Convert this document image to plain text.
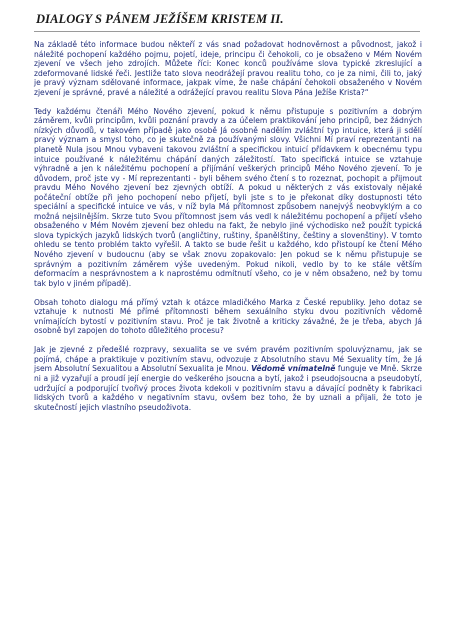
DIALOGY S PÁNEM JEŽÍŠEM KRISTEM II.

Na základě této informace budou někteří z vás snad požadovat hodnověrnost a původnost, jakož i náležité pochopení každého pojmu, pojetí, ideje, principu či čehokoli, co je obsaženo v Mém Novém zjevení ve všech jeho zdrojích. Můžete říci: Konec konců používáme slova typické zkreslující a zdeformované lidské řeči. Jestliže tato slova neodrážejí pravou realitu toho, co je za nimi, čili to, jaký je pravý význam sdělované informace, jakpak víme, že naše chápání čehokoli obsaženého v Novém zjevení je správné, pravé a náležité a odrážející pravou realitu Slova Pána Ježíše Krista?“

Tedy každému čtenáři Mého Nového zjevení, pokud k němu přistupuje s pozitivním a dobrým záměrem, kvůli principům, kvůli poznání pravdy a za účelem praktikování jeho principů, bez žádných nízkých důvodů, v takovém případě jako osobě Já osobně nadělím zvláštní typ intuice, která ji sdělí pravý význam a smysl toho, co je skutečně za používanými slovy. Všichni Mí praví reprezentanti na planetě Nula jsou Mnou vybaveni takovou zvláštní a specifickou intuicí přídavkem k obecnému typu intuice používané k náležitému chápání daných záležitostí. Tato specifická intuice se vztahuje výhradně a jen k náležitému pochopení a přijímání veškerých principů Mého Nového zjevení. To je důvodem, proč jste vy - Mí reprezentanti - byli během svého čtení s to rozeznat, pochopit a přijmout pravdu Mého Nového zjevení bez zjevných obtíží. A pokud u některých z vás existovaly nějaké počáteční obtíže při jeho pochopení nebo přijetí, byli jste s to je překonat díky dostupnosti této speciální a specifické intuice ve vás, v níž byla Má přítomnost způsobem nanejvýš neobvyklým a co možná nejsilnějším. Skrze tuto Svou přítomnost jsem vás vedl k náležitému pochopení a přijetí všeho obsaženého v Mém Novém zjevení bez ohledu na fakt, že nebylo jiné východisko než použít typická slova typických jazyků lidských tvorů (angličtiny, ruštiny, španělštiny, češtiny a slovenštiny). V tomto ohledu se tento problém takto vyřešil. A takto se bude řešit u každého, kdo přistoupí ke čtení Mého Nového zjevení v budoucnu (aby se však znovu zopakovalo: Jen pokud se k němu přistupuje se správným a pozitivním záměrem výše uvedeným. Pokud nikoli, vedlo by to ke stále větším deformacím a nesprávnostem a k naprostému odmítnutí všeho, co je v něm obsaženo, než by tomu tak bylo v jiném případě).

Obsah tohoto dialogu má přímý vztah k otázce mladičkého Marka z České republiky. Jeho dotaz se vztahuje k nutnosti Mé přímé přítomnosti během sexuálního styku dvou pozitivních vědomě vnímajících bytostí v pozitivním stavu. Proč je tak životně a kriticky závažné, že je třeba, abych Já osobně byl zapojen do tohoto důležitého procesu?

Jak je zjevné z předešlé rozpravy, sexualita se ve svém pravém pozitivním spoluvýznamu, jak se pojímá, chápe a praktikuje v pozitivním stavu, odvozuje z Absolutního stavu Mé Sexuality tím, že Já jsem Absolutní Sexualitou a Absolutní Sexualita je Mnou. Vědomě vnímatelně funguje ve Mně. Skrze ni a již vyzařují a proudí její energie do veškerého jsoucna a bytí, jakož i pseudojsoucna a pseudobytí, udržující a podporující tvořivý proces života kdekoli v pozitivním stavu a dávající podněty k fabrikaci lidských tvorů a každého v negativním stavu, ovšem bez toho, že by uznali a přijali, že toto je skutečností jejich vlastního pseudoživota.
